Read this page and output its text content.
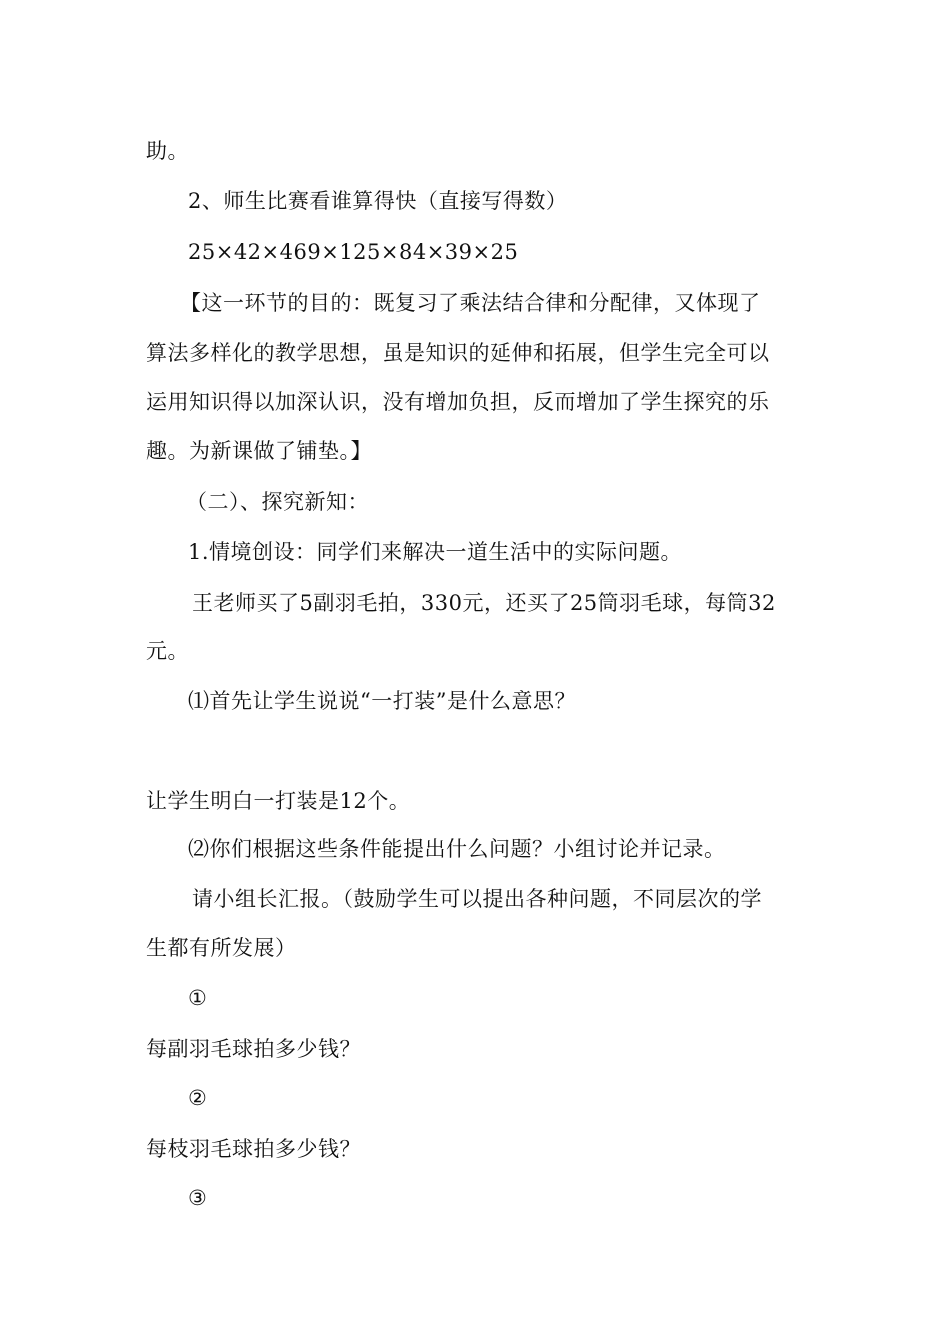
助。
2、师生比赛看谁算得快（直接写得数）
25×42×469×125×84×39×25
【这一环节的目的：既复习了乘法结合律和分配律，又体现了
算法多样化的教学思想，虽是知识的延伸和拓展，但学生完全可以
运用知识得以加深认识，没有增加负担，反而增加了学生探究的乐
趣。为新课做了铺垫。】
（二）、探究新知：
1.情境创设：同学们来解决一道生活中的实际问题。
王老师买了5副羽毛拍，330元，还买了25筒羽毛球，每筒32
元。
⑴首先让学生说说“一打装”是什么意思？
让学生明白一打装是12个。
⑵你们根据这些条件能提出什么问题？小组讨论并记录。
请小组长汇报。（鼓励学生可以提出各种问题，不同层次的学
生都有所发展）
①
每副羽毛球拍多少钱？
②
每枝羽毛球拍多少钱？
③
